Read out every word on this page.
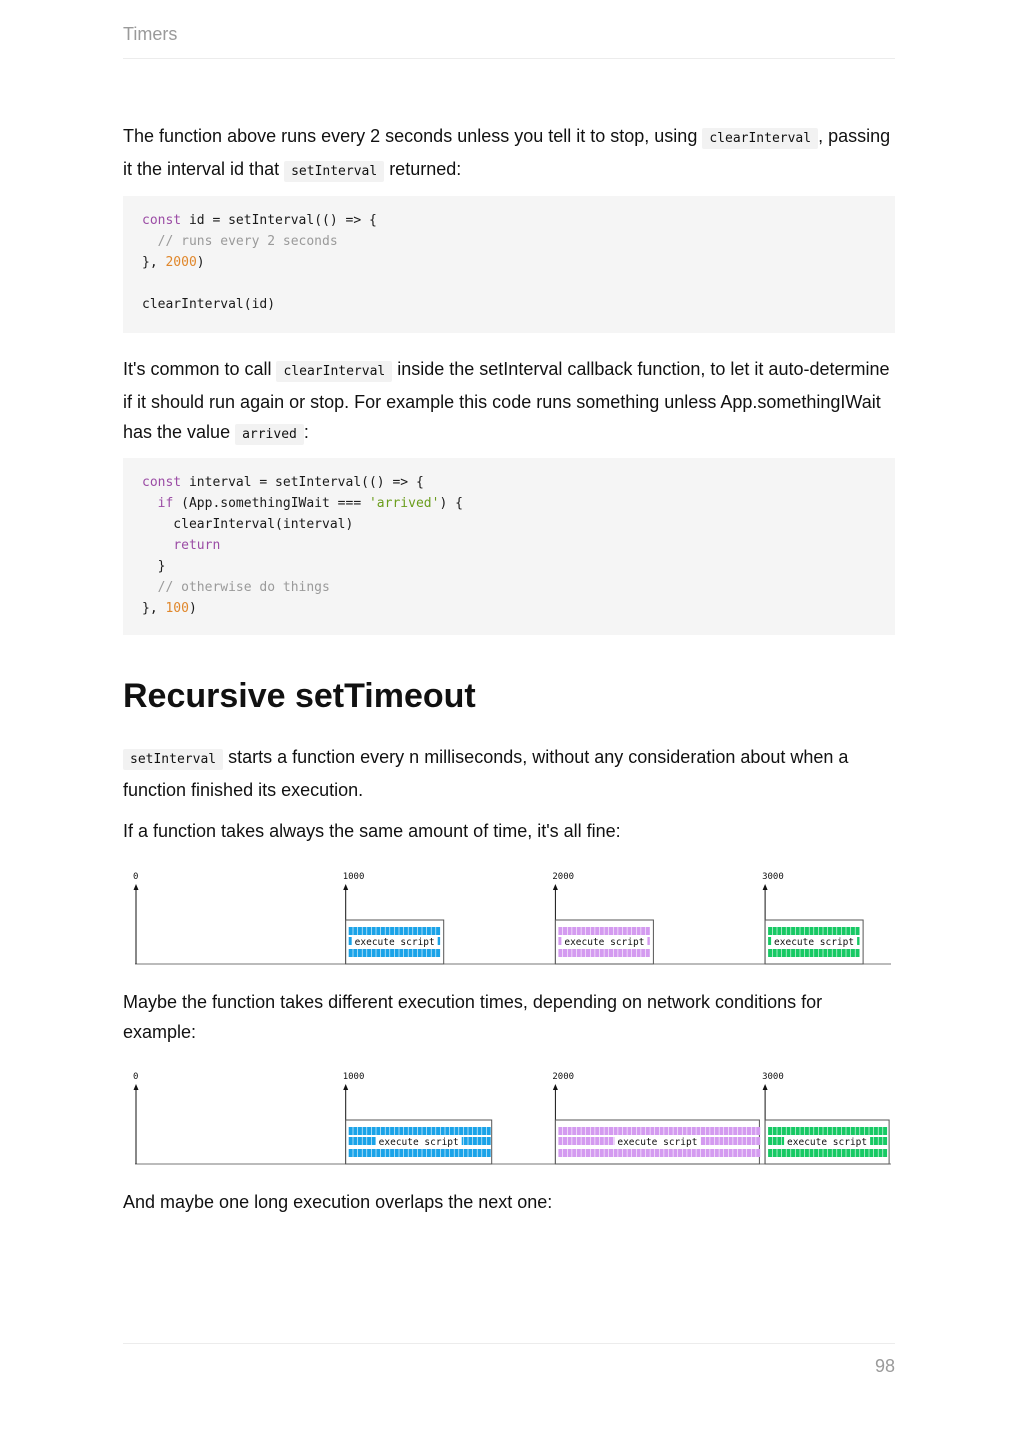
Timers

The function above runs every 2 seconds unless you tell it to stop, using clearInterval , passing it the interval id that setInterval returned:

const id = setInterval(() => {
// runs every 2 seconds
}, 2000)

clearInterval(id)

It's common to call clearInterval inside the setInterval callback function, to let it auto-determine if it should run again or stop. For example this code runs something unless App.somethingIWait has the value arrived :

const interval = setInterval(() => {
if (App.somethingIWait === 'arrived') {
clearInterval(interval)
return
}
// otherwise do things
}, 100)
Recursive setTimeout

setInterval starts a function every n milliseconds, without any consideration about when a function finished its execution.

If a function takes always the same amount of time, it's all fine:

0	1000	2000	3000
execute script	execute script	execute script

Maybe the function takes different execution times, depending on network conditions for example:

0	1000	2000	3000
execute script	execute script	execute script

And maybe one long execution overlaps the next one:

98
